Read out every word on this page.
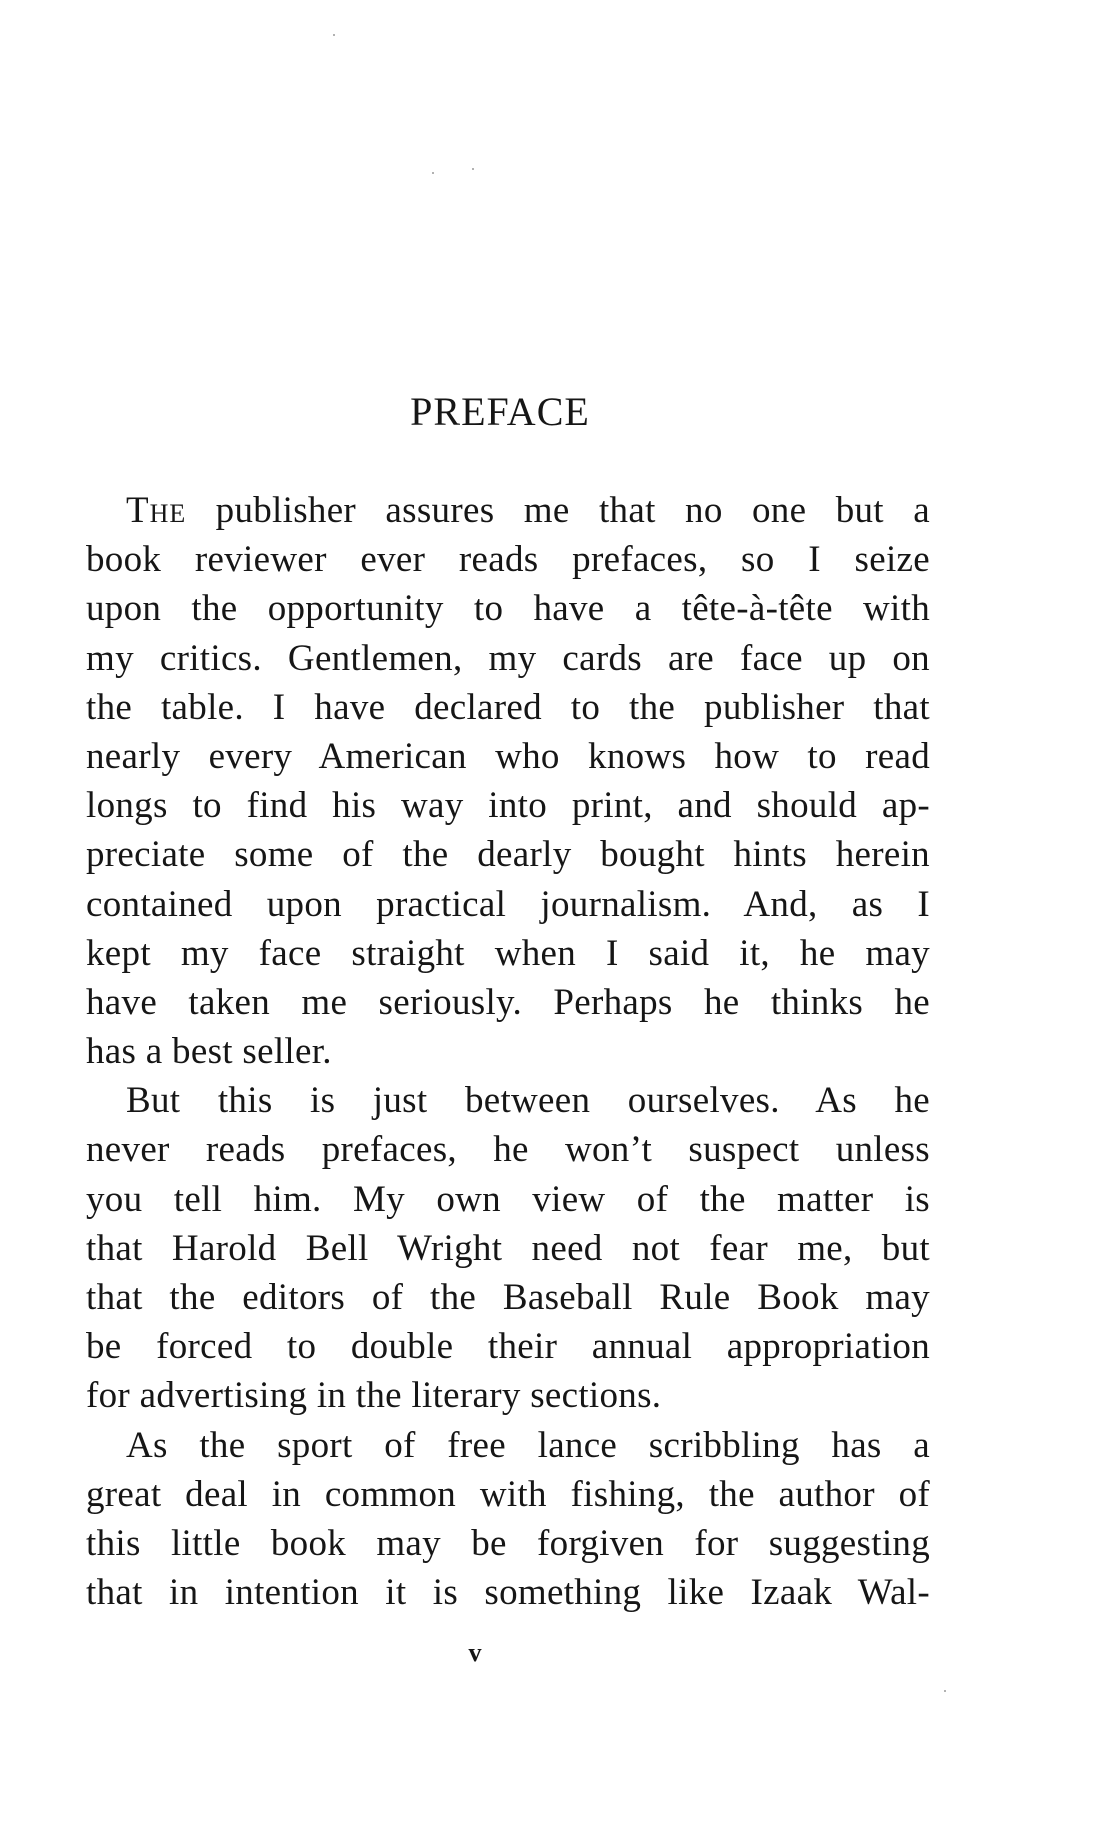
PREFACE
The publisher assures me that no one but a
book reviewer ever reads prefaces, so I seize
upon the opportunity to have a tête-à-tête with
my critics. Gentlemen, my cards are face up on
the table. I have declared to the publisher that
nearly every American who knows how to read
longs to find his way into print, and should ap-
preciate some of the dearly bought hints herein
contained upon practical journalism. And, as I
kept my face straight when I said it, he may
have taken me seriously. Perhaps he thinks he
has a best seller.
But this is just between ourselves. As he
never reads prefaces, he won’t suspect unless
you tell him. My own view of the matter is
that Harold Bell Wright need not fear me, but
that the editors of the Baseball Rule Book may
be forced to double their annual appropriation
for advertising in the literary sections.
As the sport of free lance scribbling has a
great deal in common with fishing, the author of
this little book may be forgiven for suggesting
that in intention it is something like Izaak Wal-
v
